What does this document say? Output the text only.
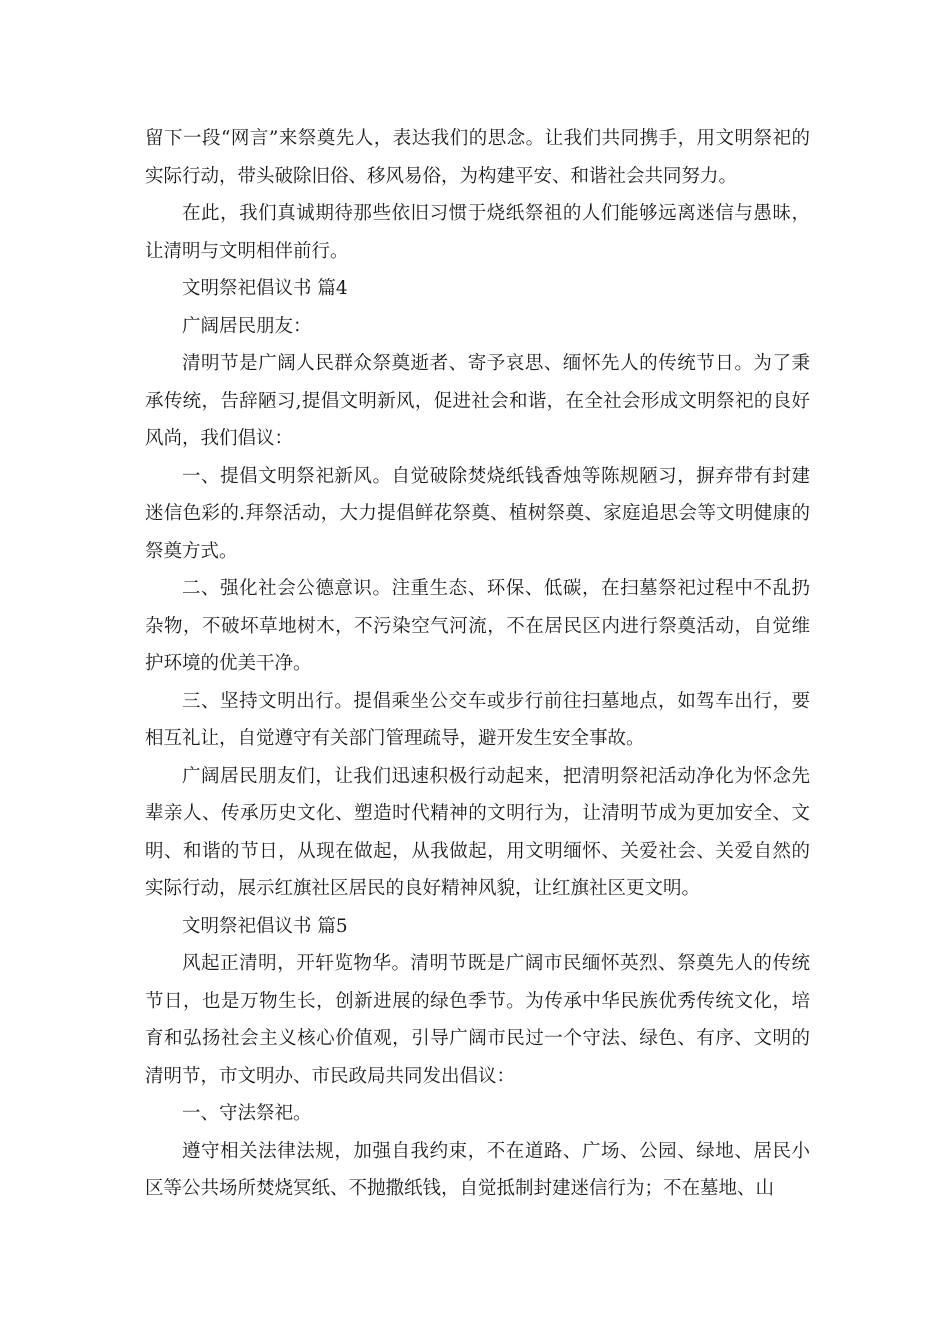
留下一段“网言”来祭奠先人，表达我们的思念。让我们共同携手，用文明祭祀的实际行动，带头破除旧俗、移风易俗，为构建平安、和谐社会共同努力。

在此，我们真诚期待那些依旧习惯于烧纸祭祖的人们能够远离迷信与愚昧，让清明与文明相伴前行。

文明祭祀倡议书 篇4

广阔居民朋友：

清明节是广阔人民群众祭奠逝者、寄予哀思、缅怀先人的传统节日。为了秉承传统，告辞陋习,提倡文明新风，促进社会和谐，在全社会形成文明祭祀的良好风尚，我们倡议：

一、提倡文明祭祀新风。自觉破除焚烧纸钱香烛等陈规陋习，摒弃带有封建迷信色彩的.拜祭活动，大力提倡鲜花祭奠、植树祭奠、家庭追思会等文明健康的祭奠方式。

二、强化社会公德意识。注重生态、环保、低碳，在扫墓祭祀过程中不乱扔杂物，不破坏草地树木，不污染空气河流，不在居民区内进行祭奠活动，自觉维护环境的优美干净。

三、坚持文明出行。提倡乘坐公交车或步行前往扫墓地点，如驾车出行，要相互礼让，自觉遵守有关部门管理疏导，避开发生安全事故。

广阔居民朋友们，让我们迅速积极行动起来，把清明祭祀活动净化为怀念先辈亲人、传承历史文化、塑造时代精神的文明行为，让清明节成为更加安全、文明、和谐的节日，从现在做起，从我做起，用文明缅怀、关爱社会、关爱自然的实际行动，展示红旗社区居民的良好精神风貌，让红旗社区更文明。

文明祭祀倡议书 篇5

风起正清明，开轩览物华。清明节既是广阔市民缅怀英烈、祭奠先人的传统节日，也是万物生长，创新进展的绿色季节。为传承中华民族优秀传统文化，培育和弘扬社会主义核心价值观，引导广阔市民过一个守法、绿色、有序、文明的清明节，市文明办、市民政局共同发出倡议：

一、守法祭祀。

遵守相关法律法规，加强自我约束，不在道路、广场、公园、绿地、居民小区等公共场所焚烧冥纸、不抛撒纸钱，自觉抵制封建迷信行为；不在墓地、山
